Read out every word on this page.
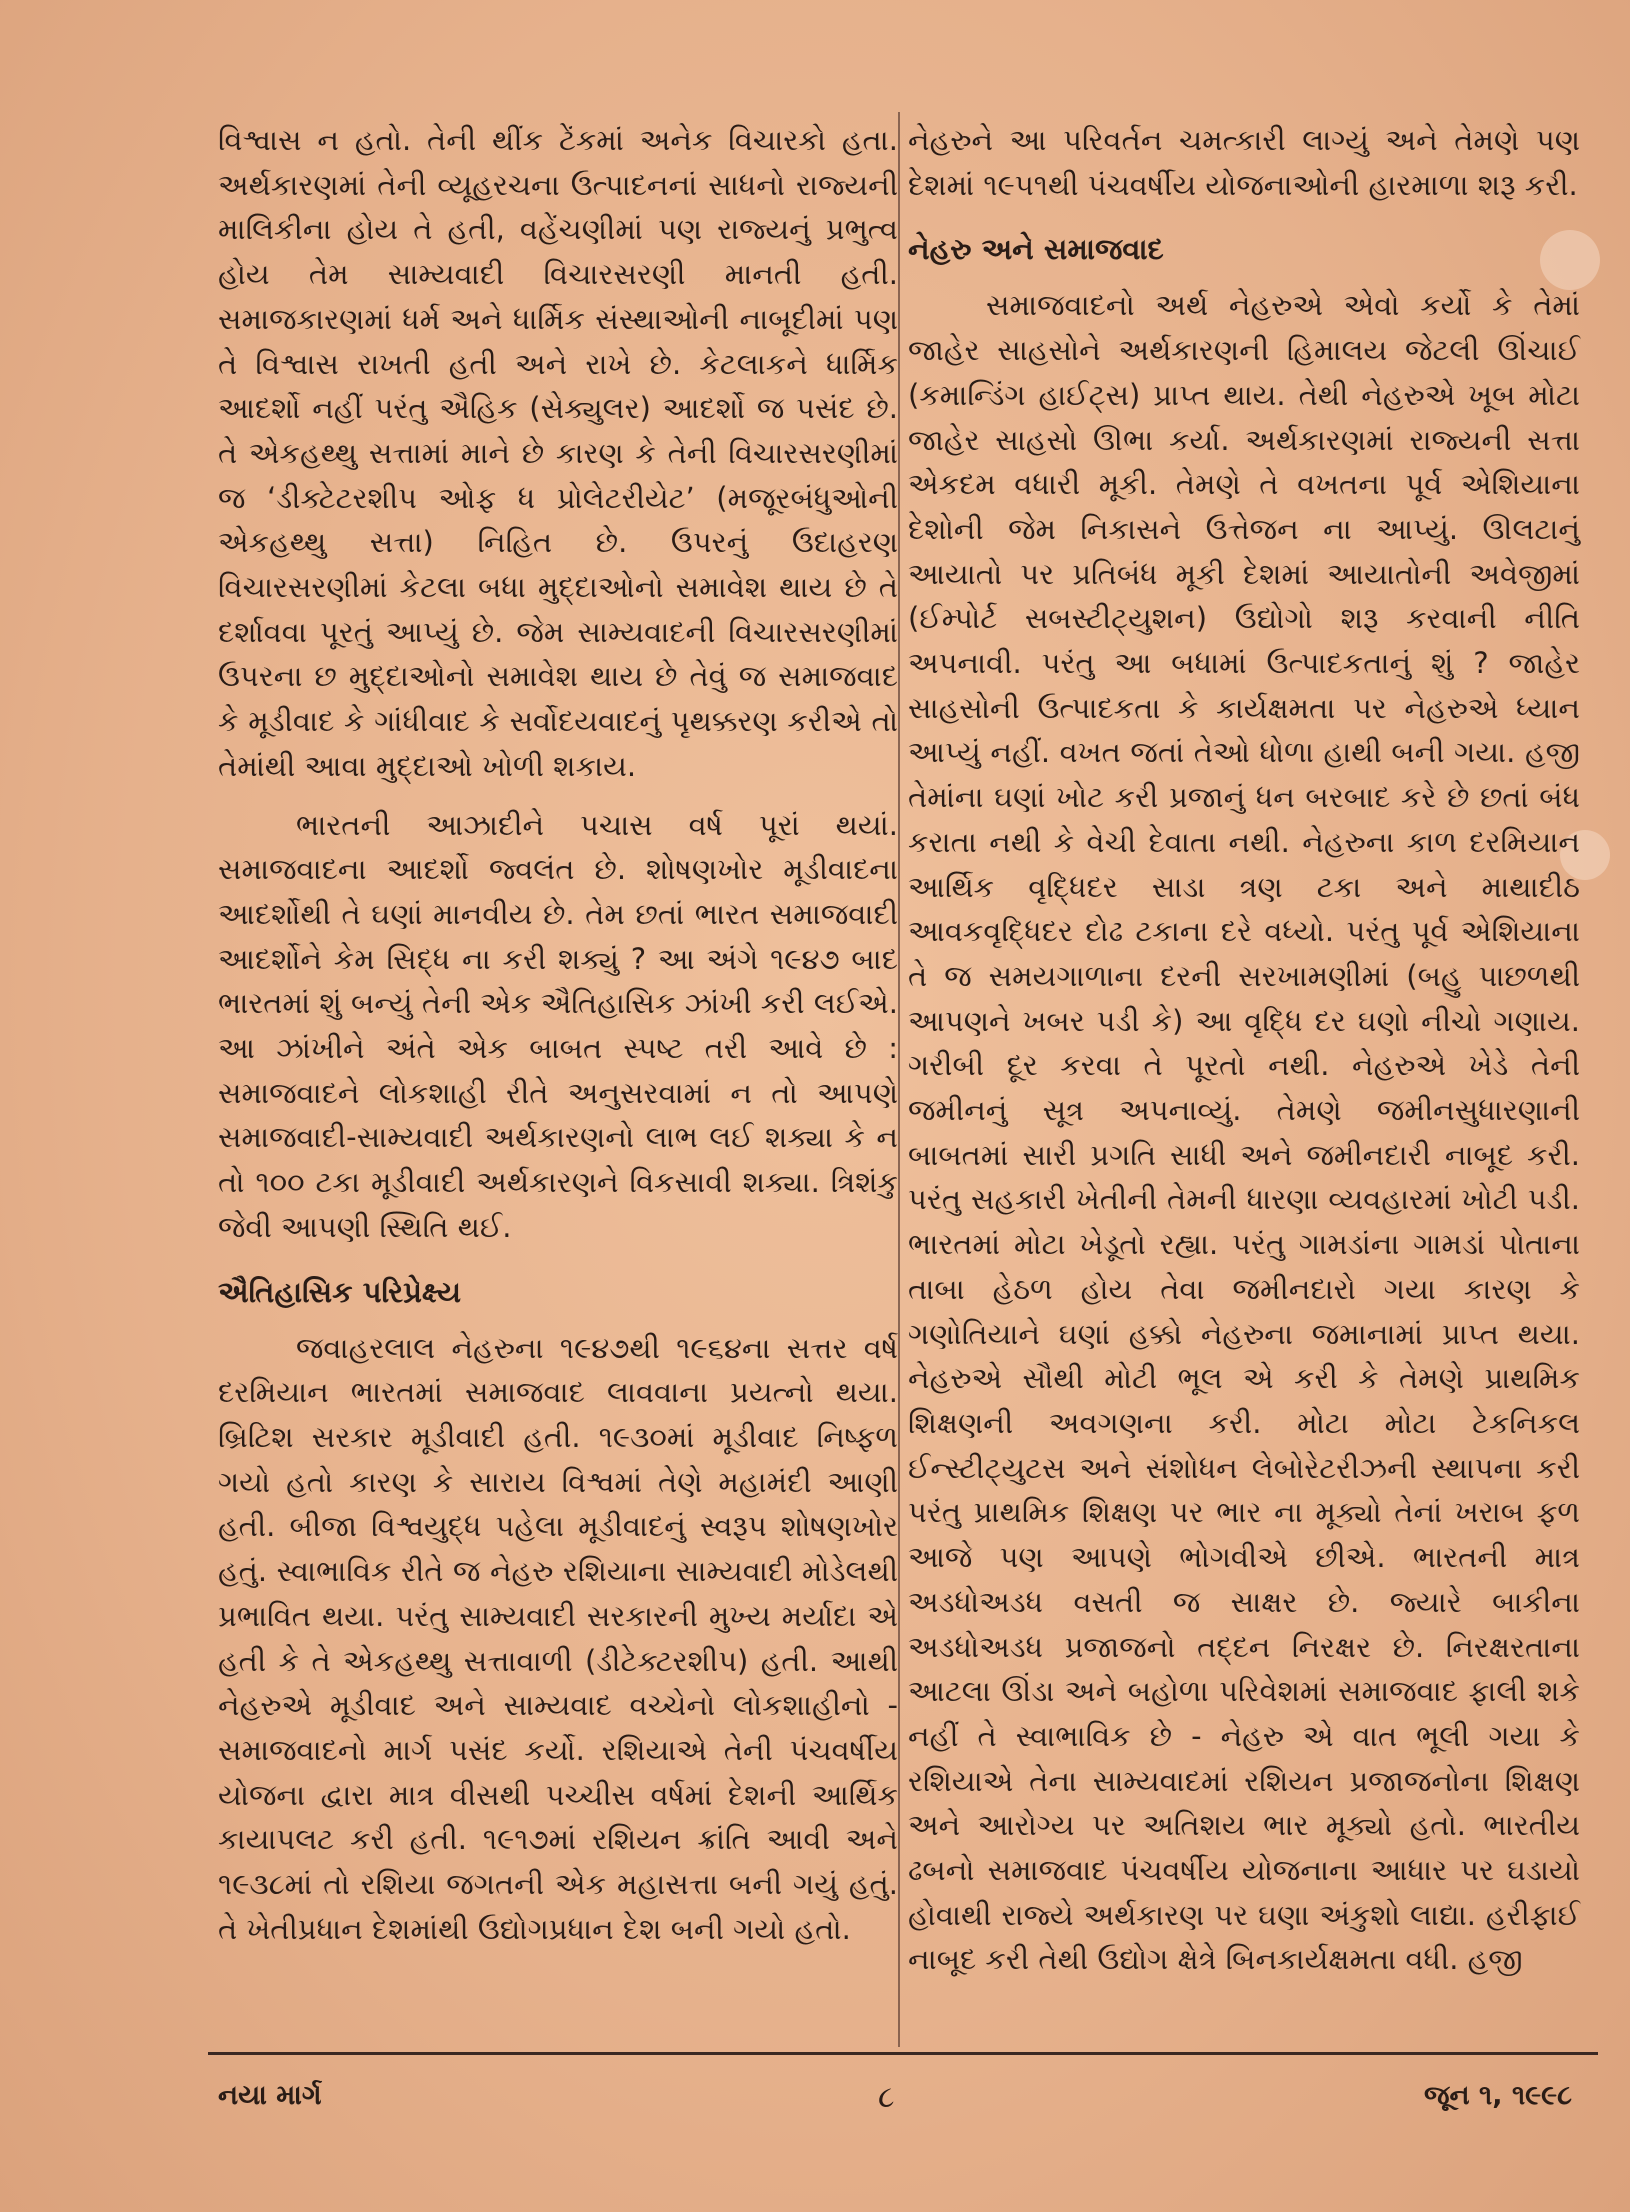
વિશ્વાસ ન હતો. તેની થીંક ટેંકમાં અનેક વિચારકો હતા. અર્થકારણમાં તેની વ્યૂહરચના ઉત્પાદનનાં સાધનો રાજ્યની માલિકીના હોય તે હતી, વહેંચણીમાં પણ રાજ્યનું પ્રભુત્વ હોય તેમ સામ્યવાદી વિચારસરણી માનતી હતી. સમાજકારણમાં ધર્મ અને ધાર્મિક સંસ્થાઓની નાબૂદીમાં પણ તે વિશ્વાસ રાખતી હતી અને રાખે છે. કેટલાકને ધાર્મિક આદર્શો નહીં પરંતુ ઐહિક (સેક્યુલર) આદર્શો જ પસંદ છે. તે એકહથ્થુ સત્તામાં માને છે કારણ કે તેની વિચારસરણીમાં જ ‘ડીક્ટેટરશીપ ઓફ ધ પ્રોલેટરીયેટ’ (મજૂરબંધુઓની એકહથ્થુ સત્તા) નિહિત છે. ઉપરનું ઉદાહરણ વિચારસરણીમાં કેટલા બધા મુદ્દાઓનો સમાવેશ થાય છે તે દર્શાવવા પૂરતું આપ્યું છે. જેમ સામ્યવાદની વિચારસરણીમાં ઉપરના છ મુદ્દાઓનો સમાવેશ થાય છે તેવું જ સમાજવાદ કે મૂડીવાદ કે ગાંધીવાદ કે સર્વોદયવાદનું પૃથક્કરણ કરીએ તો તેમાંથી આવા મુદ્દાઓ ખોળી શકાય.

ભારતની આઝાદીને પચાસ વર્ષ પૂરાં થયાં. સમાજવાદના આદર્શો જ્વલંત છે. શોષણખોર મૂડીવાદના આદર્શોથી તે ઘણાં માનવીય છે. તેમ છતાં ભારત સમાજવાદી આદર્શોને કેમ સિદ્ધ ના કરી શક્યું ? આ અંગે ૧૯૪૭ બાદ ભારતમાં શું બન્યું તેની એક ઐતિહાસિક ઝાંખી કરી લઈએ. આ ઝાંખીને અંતે એક બાબત સ્પષ્ટ તરી આવે છે : સમાજવાદને લોકશાહી રીતે અનુસરવામાં ન તો આપણે સમાજવાદી-સામ્યવાદી અર્થકારણનો લાભ લઈ શક્યા કે ન તો ૧૦૦ ટકા મૂડીવાદી અર્થકારણને વિકસાવી શક્યા. ત્રિશંકુ જેવી આપણી સ્થિતિ થઈ.

ઐતિહાસિક પરિપ્રેક્ષ્ય

જવાહરલાલ નેહરુના ૧૯૪૭થી ૧૯૬૪ના સત્તર વર્ષ દરમિયાન ભારતમાં સમાજવાદ લાવવાના પ્રયત્નો થયા. બ્રિટિશ સરકાર મૂડીવાદી હતી. ૧૯૩૦માં મૂડીવાદ નિષ્ફળ ગયો હતો કારણ કે સારાય વિશ્વમાં તેણે મહામંદી આણી હતી. બીજા વિશ્વયુદ્ધ પહેલા મૂડીવાદનું સ્વરૂપ શોષણખોર હતું. સ્વાભાવિક રીતે જ નેહરુ રશિયાના સામ્યવાદી મોડેલથી પ્રભાવિત થયા. પરંતુ સામ્યવાદી સરકારની મુખ્ય મર્યાદા એ હતી કે તે એકહથ્થુ સત્તાવાળી (ડીટેક્ટરશીપ) હતી. આથી નેહરુએ મૂડીવાદ અને સામ્યવાદ વચ્ચેનો લોકશાહીનો - સમાજવાદનો માર્ગ પસંદ કર્યો. રશિયાએ તેની પંચવર્ષીય યોજના દ્વારા માત્ર વીસથી પચ્ચીસ વર્ષમાં દેશની આર્થિક કાયાપલટ કરી હતી. ૧૯૧૭માં રશિયન ક્રાંતિ આવી અને ૧૯૩૮માં તો રશિયા જગતની એક મહાસત્તા બની ગયું હતું. તે ખેતીપ્રધાન દેશમાંથી ઉદ્યોગપ્રધાન દેશ બની ગયો હતો.

નેહરુને આ પરિવર્તન ચમત્કારી લાગ્યું અને તેમણે પણ દેશમાં ૧૯૫૧થી પંચવર્ષીય યોજનાઓની હારમાળા શરૂ કરી.

નેહરુ અને સમાજવાદ

સમાજવાદનો અર્થ નેહરુએ એવો કર્યો કે તેમાં જાહેર સાહસોને અર્થકારણની હિમાલય જેટલી ઊંચાઈ (કમાન્ડિંગ હાઈટ્સ) પ્રાપ્ત થાય. તેથી નેહરુએ ખૂબ મોટા જાહેર સાહસો ઊભા કર્યા. અર્થકારણમાં રાજ્યની સત્તા એકદમ વધારી મૂકી. તેમણે તે વખતના પૂર્વ એશિયાના દેશોની જેમ નિકાસને ઉત્તેજન ના આપ્યું. ઊલટાનું આયાતો પર પ્રતિબંધ મૂકી દેશમાં આયાતોની અવેજીમાં (ઈમ્પોર્ટ સબસ્ટીટ્યુશન) ઉદ્યોગો શરૂ કરવાની નીતિ અપનાવી. પરંતુ આ બધામાં ઉત્પાદકતાનું શું ? જાહેર સાહસોની ઉત્પાદકતા કે કાર્યક્ષમતા પર નેહરુએ ધ્યાન આપ્યું નહીં. વખત જતાં તેઓ ધોળા હાથી બની ગયા. હજી તેમાંના ઘણાં ખોટ કરી પ્રજાનું ધન બરબાદ કરે છે છતાં બંધ કરાતા નથી કે વેચી દેવાતા નથી. નેહરુના કાળ દરમિયાન આર્થિક વૃદ્ધિદર સાડા ત્રણ ટકા અને માથાદીઠ આવકવૃદ્ધિદર દોઢ ટકાના દરે વધ્યો. પરંતુ પૂર્વ એશિયાના તે જ સમયગાળાના દરની સરખામણીમાં (બહુ પાછળથી આપણને ખબર પડી કે) આ વૃદ્ધિ દર ઘણો નીચો ગણાય. ગરીબી દૂર કરવા તે પૂરતો નથી. નેહરુએ ખેડે તેની જમીનનું સૂત્ર અપનાવ્યું. તેમણે જમીનસુધારણાની બાબતમાં સારી પ્રગતિ સાધી અને જમીનદારી નાબૂદ કરી. પરંતુ સહકારી ખેતીની તેમની ધારણા વ્યવહારમાં ખોટી પડી. ભારતમાં મોટા ખેડૂતો રહ્યા. પરંતુ ગામડાંના ગામડાં પોતાના તાબા હેઠળ હોય તેવા જમીનદારો ગયા કારણ કે ગણોતિયાને ઘણાં હક્કો નેહરુના જમાનામાં પ્રાપ્ત થયા. નેહરુએ સૌથી મોટી ભૂલ એ કરી કે તેમણે પ્રાથમિક શિક્ષણની અવગણના કરી. મોટા મોટા ટેકનિકલ ઈન્સ્ટીટ્યુટસ અને સંશોધન લેબોરેટરીઝની સ્થાપના કરી પરંતુ પ્રાથમિક શિક્ષણ પર ભાર ના મૂક્યો તેનાં ખરાબ ફળ આજે પણ આપણે ભોગવીએ છીએ. ભારતની માત્ર અડધોઅડધ વસતી જ સાક્ષર છે. જ્યારે બાકીના અડધોઅડધ પ્રજાજનો તદ્દન નિરક્ષર છે. નિરક્ષરતાના આટલા ઊંડા અને બહોળા પરિવેશમાં સમાજવાદ ફાલી શકે નહીં તે સ્વાભાવિક છે - નેહરુ એ વાત ભૂલી ગયા કે રશિયાએ તેના સામ્યવાદમાં રશિયન પ્રજાજનોના શિક્ષણ અને આરોગ્ય પર અતિશય ભાર મૂક્યો હતો. ભારતીય ઢબનો સમાજવાદ પંચવર્ષીય યોજનાના આધાર પર ઘડાયો હોવાથી રાજ્યે અર્થકારણ પર ઘણા અંકુશો લાદ્યા. હરીફાઈ નાબૂદ કરી તેથી ઉદ્યોગ ક્ષેત્રે બિનકાર્યક્ષમતા વધી. હજી

નયા માર્ગ	૮	જૂન ૧, ૧૯૯૮
